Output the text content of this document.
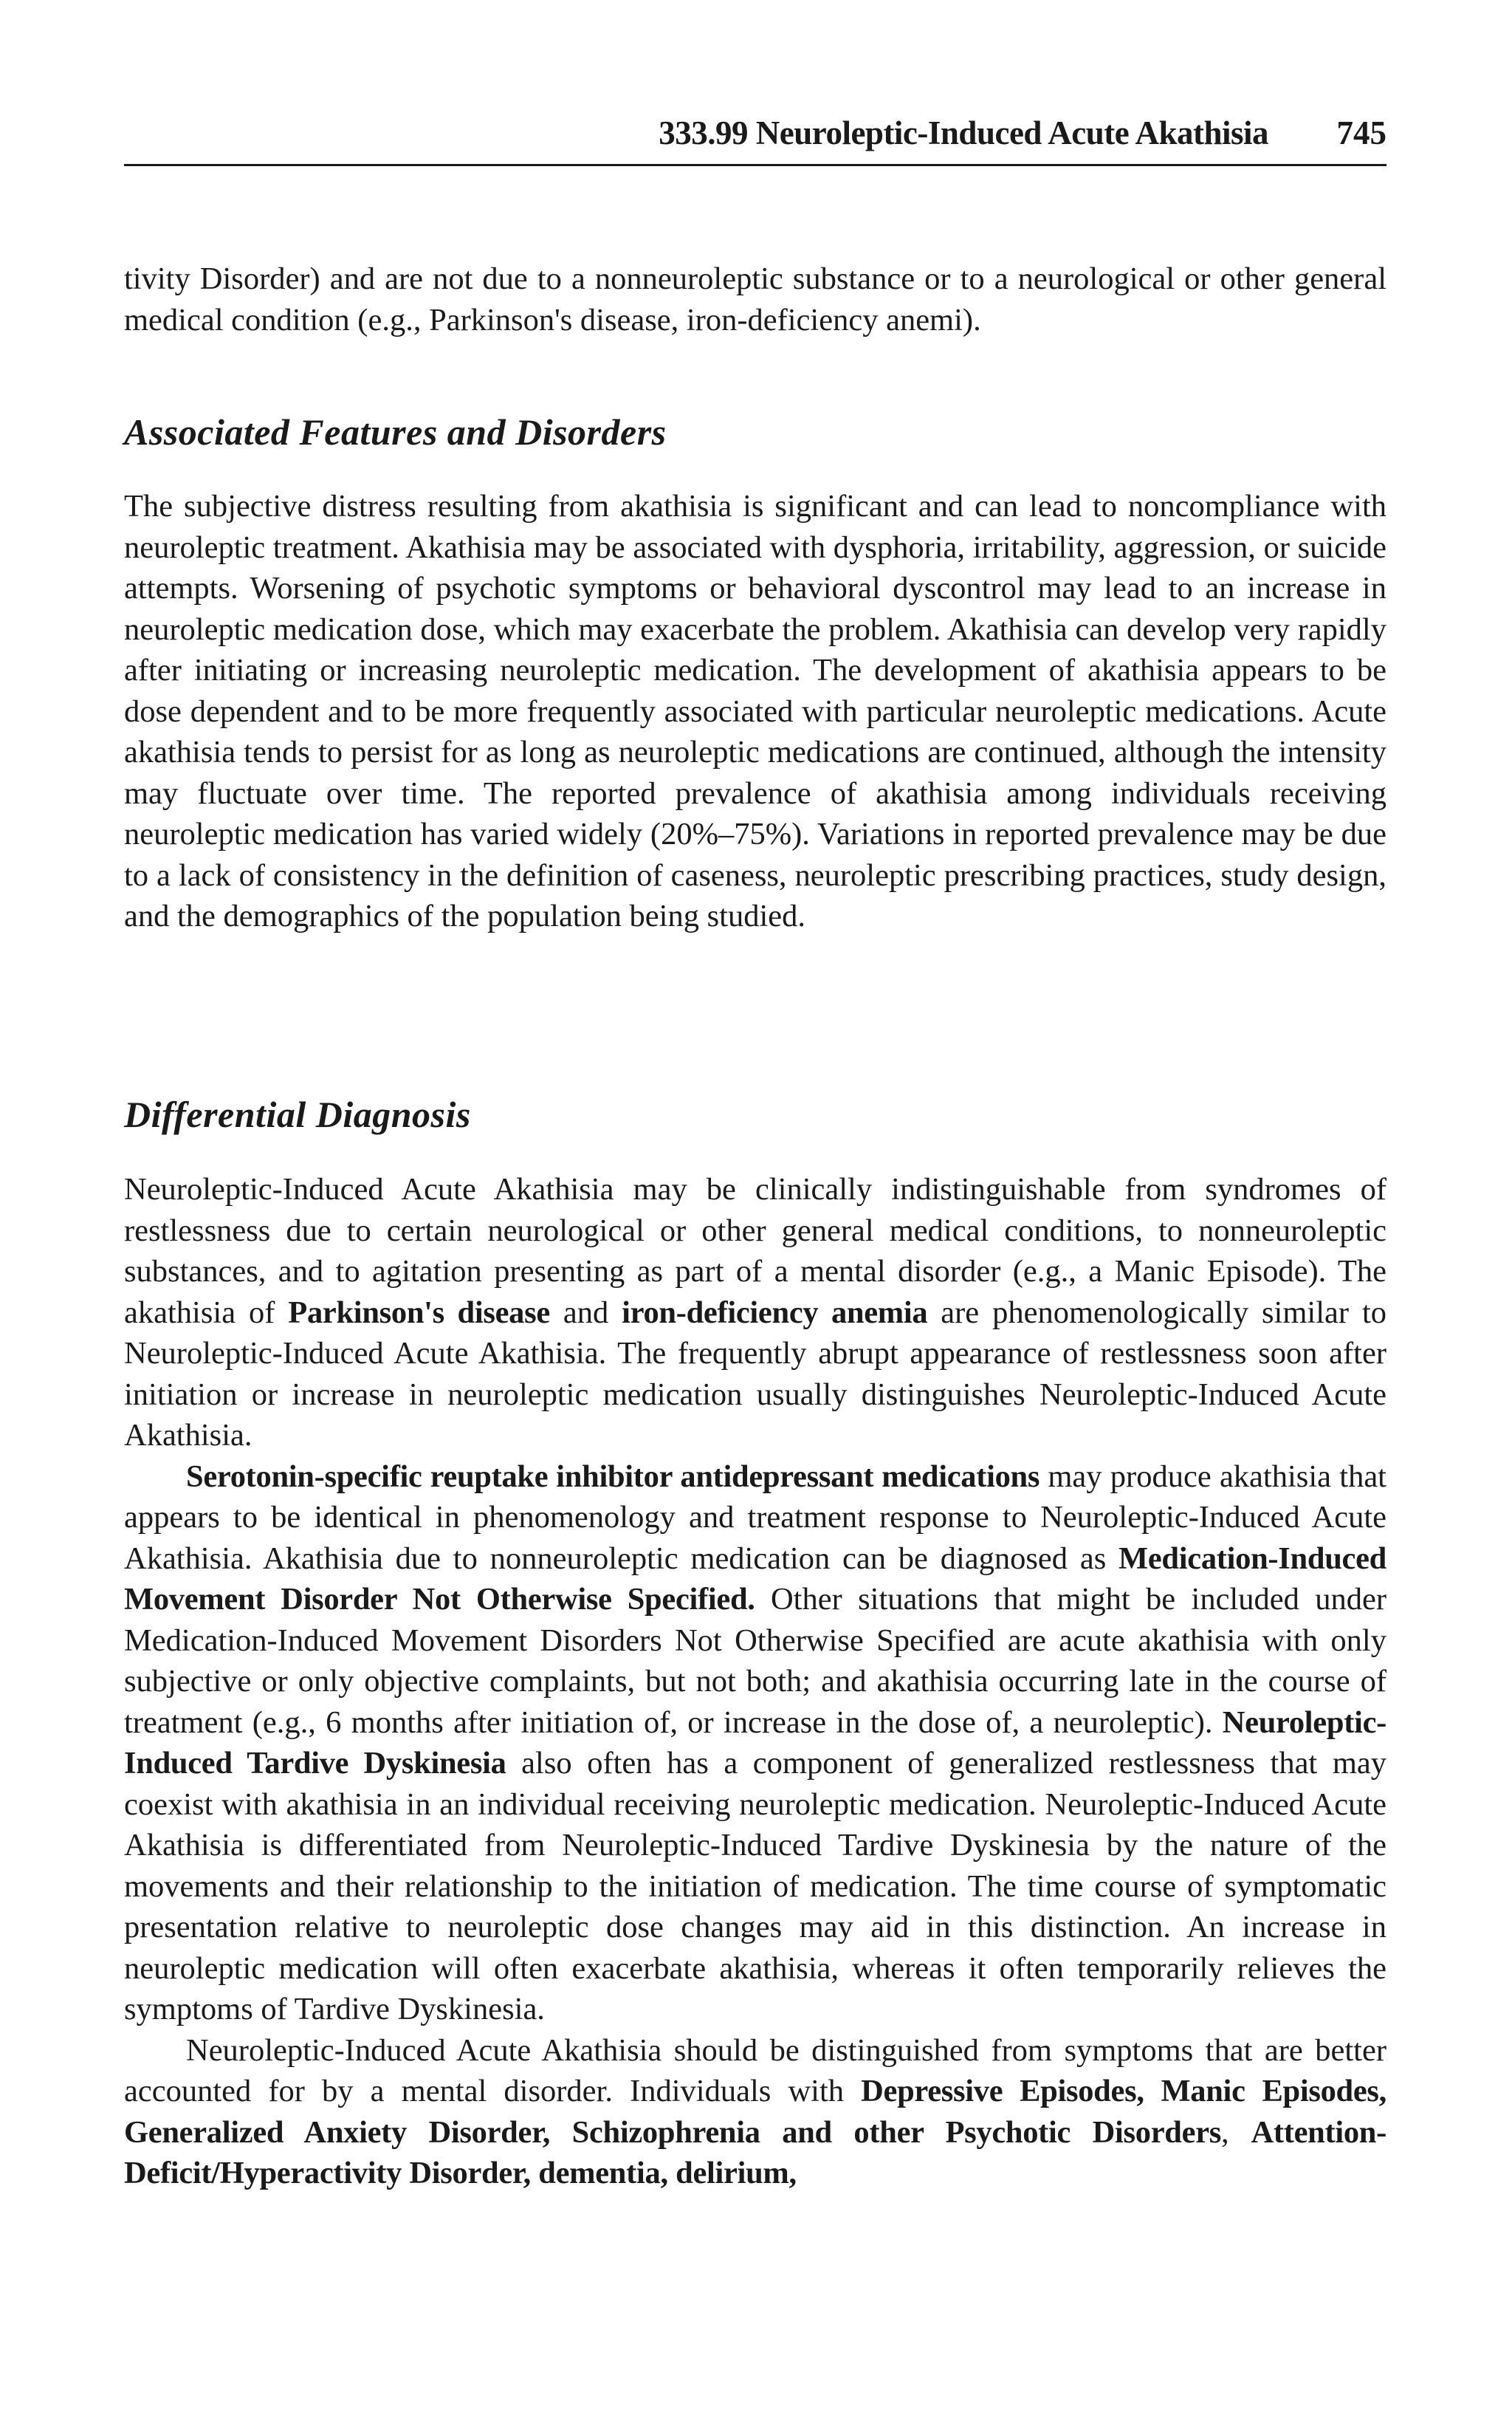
333.99 Neuroleptic-Induced Acute Akathisia 745

tivity Disorder) and are not due to a nonneuroleptic substance or to a neurological or other general medical condition (e.g., Parkinson's disease, iron-deficiency anemi).

Associated Features and Disorders

The subjective distress resulting from akathisia is significant and can lead to noncompliance with neuroleptic treatment. Akathisia may be associated with dysphoria, irritability, aggression, or suicide attempts. Worsening of psychotic symptoms or behavioral dyscontrol may lead to an increase in neuroleptic medication dose, which may exacerbate the problem. Akathisia can develop very rapidly after initiating or increasing neuroleptic medication. The development of akathisia appears to be dose dependent and to be more frequently associated with particular neuroleptic medications. Acute akathisia tends to persist for as long as neuroleptic medications are continued, although the intensity may fluctuate over time. The reported prevalence of akathisia among individuals receiving neuroleptic medication has varied widely (20%–75%). Variations in reported prevalence may be due to a lack of consistency in the definition of caseness, neuroleptic prescribing practices, study design, and the demographics of the population being studied.

Differential Diagnosis

Neuroleptic-Induced Acute Akathisia may be clinically indistinguishable from syndromes of restlessness due to certain neurological or other general medical conditions, to nonneuroleptic substances, and to agitation presenting as part of a mental disorder (e.g., a Manic Episode). The akathisia of Parkinson's disease and iron-deficiency anemia are phenomenologically similar to Neuroleptic-Induced Acute Akathisia. The frequently abrupt appearance of restlessness soon after initiation or increase in neuroleptic medication usually distinguishes Neuroleptic-Induced Acute Akathisia.

Serotonin-specific reuptake inhibitor antidepressant medications may produce akathisia that appears to be identical in phenomenology and treatment response to Neuroleptic-Induced Acute Akathisia. Akathisia due to nonneuroleptic medication can be diagnosed as Medication-Induced Movement Disorder Not Otherwise Specified. Other situations that might be included under Medication-Induced Movement Disorders Not Otherwise Specified are acute akathisia with only subjective or only objective complaints, but not both; and akathisia occurring late in the course of treatment (e.g., 6 months after initiation of, or increase in the dose of, a neuroleptic). Neuroleptic-Induced Tardive Dyskinesia also often has a component of generalized restlessness that may coexist with akathisia in an individual receiving neuroleptic medication. Neuroleptic-Induced Acute Akathisia is differentiated from Neuroleptic-Induced Tardive Dyskinesia by the nature of the movements and their relationship to the initiation of medication. The time course of symptomatic presentation relative to neuroleptic dose changes may aid in this distinction. An increase in neuroleptic medication will often exacerbate akathisia, whereas it often temporarily relieves the symptoms of Tardive Dyskinesia.

Neuroleptic-Induced Acute Akathisia should be distinguished from symptoms that are better accounted for by a mental disorder. Individuals with Depressive Episodes, Manic Episodes, Generalized Anxiety Disorder, Schizophrenia and other Psychotic Disorders, Attention-Deficit/Hyperactivity Disorder, dementia, delirium,
